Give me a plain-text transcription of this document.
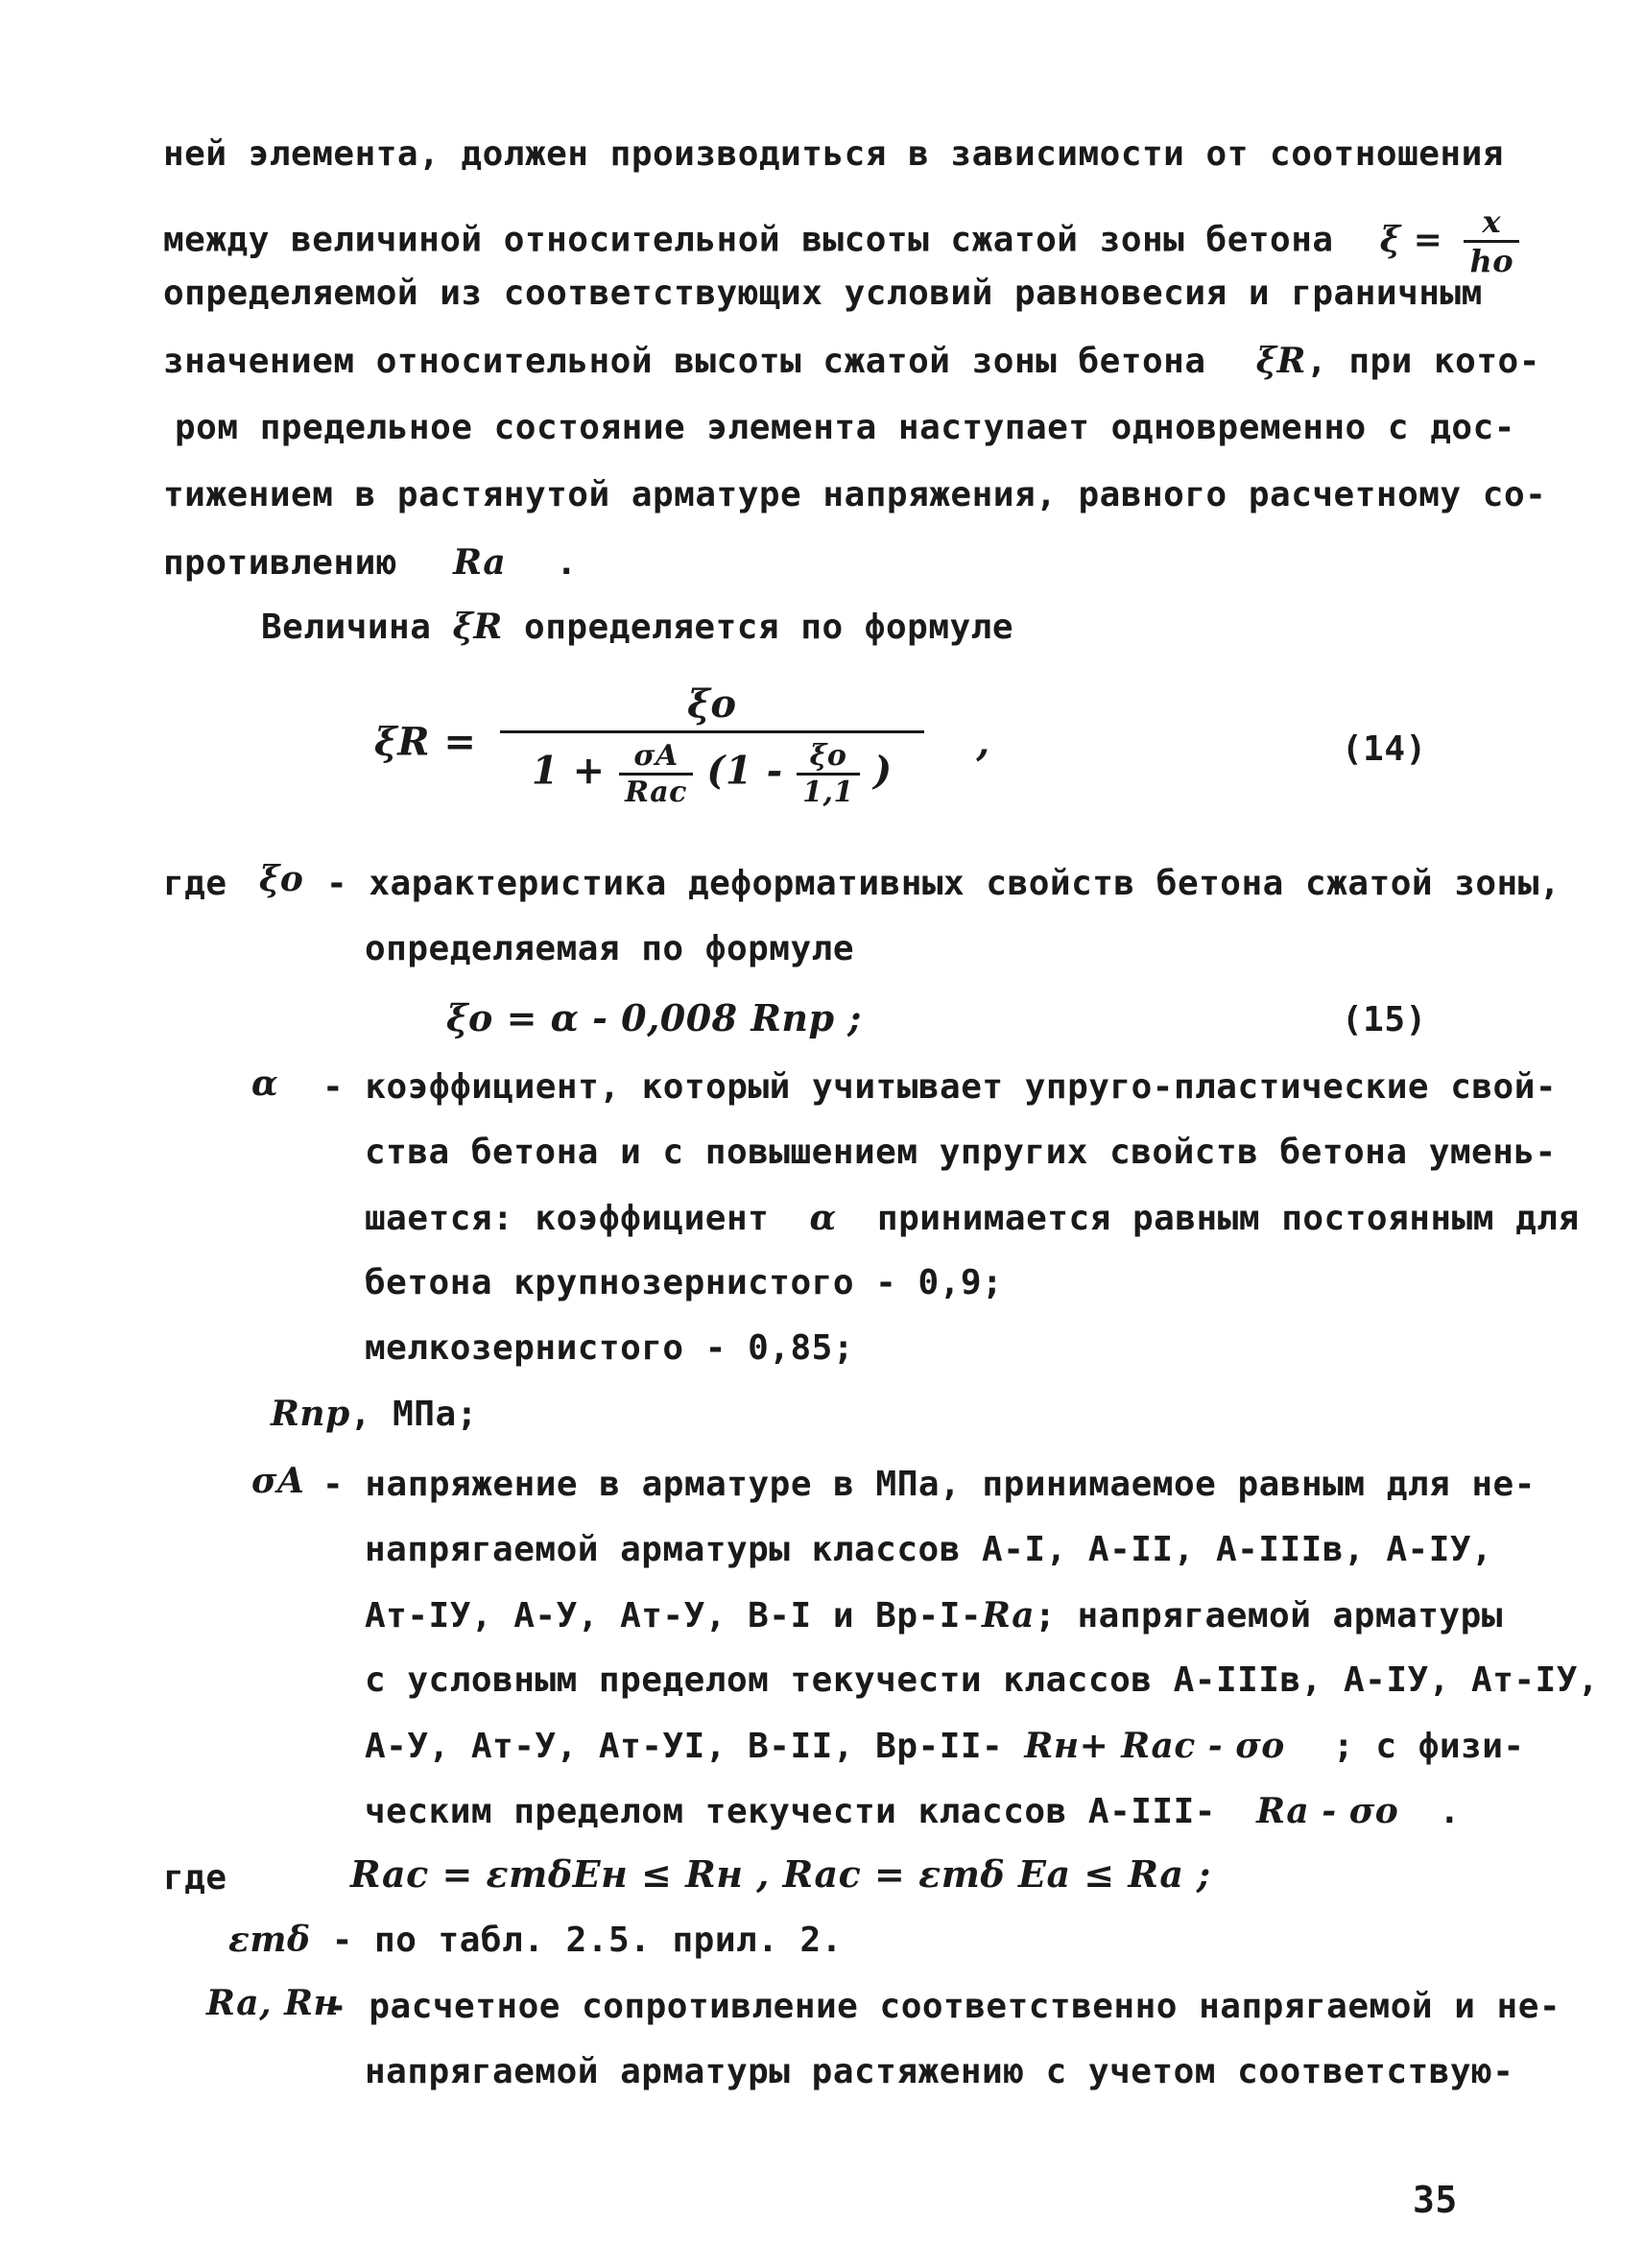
ней элемента, должен производиться в зависимости от соотношения
между величиной относительной высоты сжатой зоны бетона $\xi = \frac{x}{ho}$
определяемой из соответствующих условий равновесия и граничным
значением относительной высоты сжатой зоны бетона ξR, при кото-
ром предельное состояние элемента наступает одновременно с дос-
тижением в растянутой арматуре напряжения, равного расчетному со-
противлению Ra .
Величина ξR определяется по формуле
ξR =
ξo
$1 + \frac{\sigma A}{\text{Rac}} (1 - \frac{\xi o}{1,1}$ )
,	(14)
где ξo - характеристика деформативных свойств бетона сжатой зоны,
определяемая по формуле
ξo = α - 0,008 Rпр ;	(15)
α - коэффициент, который учитывает упруго-пластические свой-
ства бетона и с повышением упругих свойств бетона умень-
шается: коэффициент α принимается равным постоянным для
бетона крупнозернистого - 0,9;
мелкозернистого - 0,85;
Rпр, МПа;
σA - напряжение в арматуре в МПа, принимаемое равным для не-
напрягаемой арматуры классов А-I, А-II, А-IIIв, А-IУ,
Ат-IУ, А-У, Ат-У, В-I и Вр-I-Ra; напрягаемой арматуры
с условным пределом текучести классов А-IIIв, А-IУ, Ат-IУ,
А-У, Ат-У, Ат-УI, В-II, Вр-II- Rн+ Rac - σo ; с физи-
ческим пределом текучести классов А-III- Ra - σo .
где	Rac = εmδEн ≤ Rн , Rac = εmδ Ea ≤ Ra ;
εmδ - по табл. 2.5. прил. 2.
Ra, Rн
- расчетное сопротивление соответственно напрягаемой и не-
напрягаемой арматуры растяжению с учетом соответствую-
35
